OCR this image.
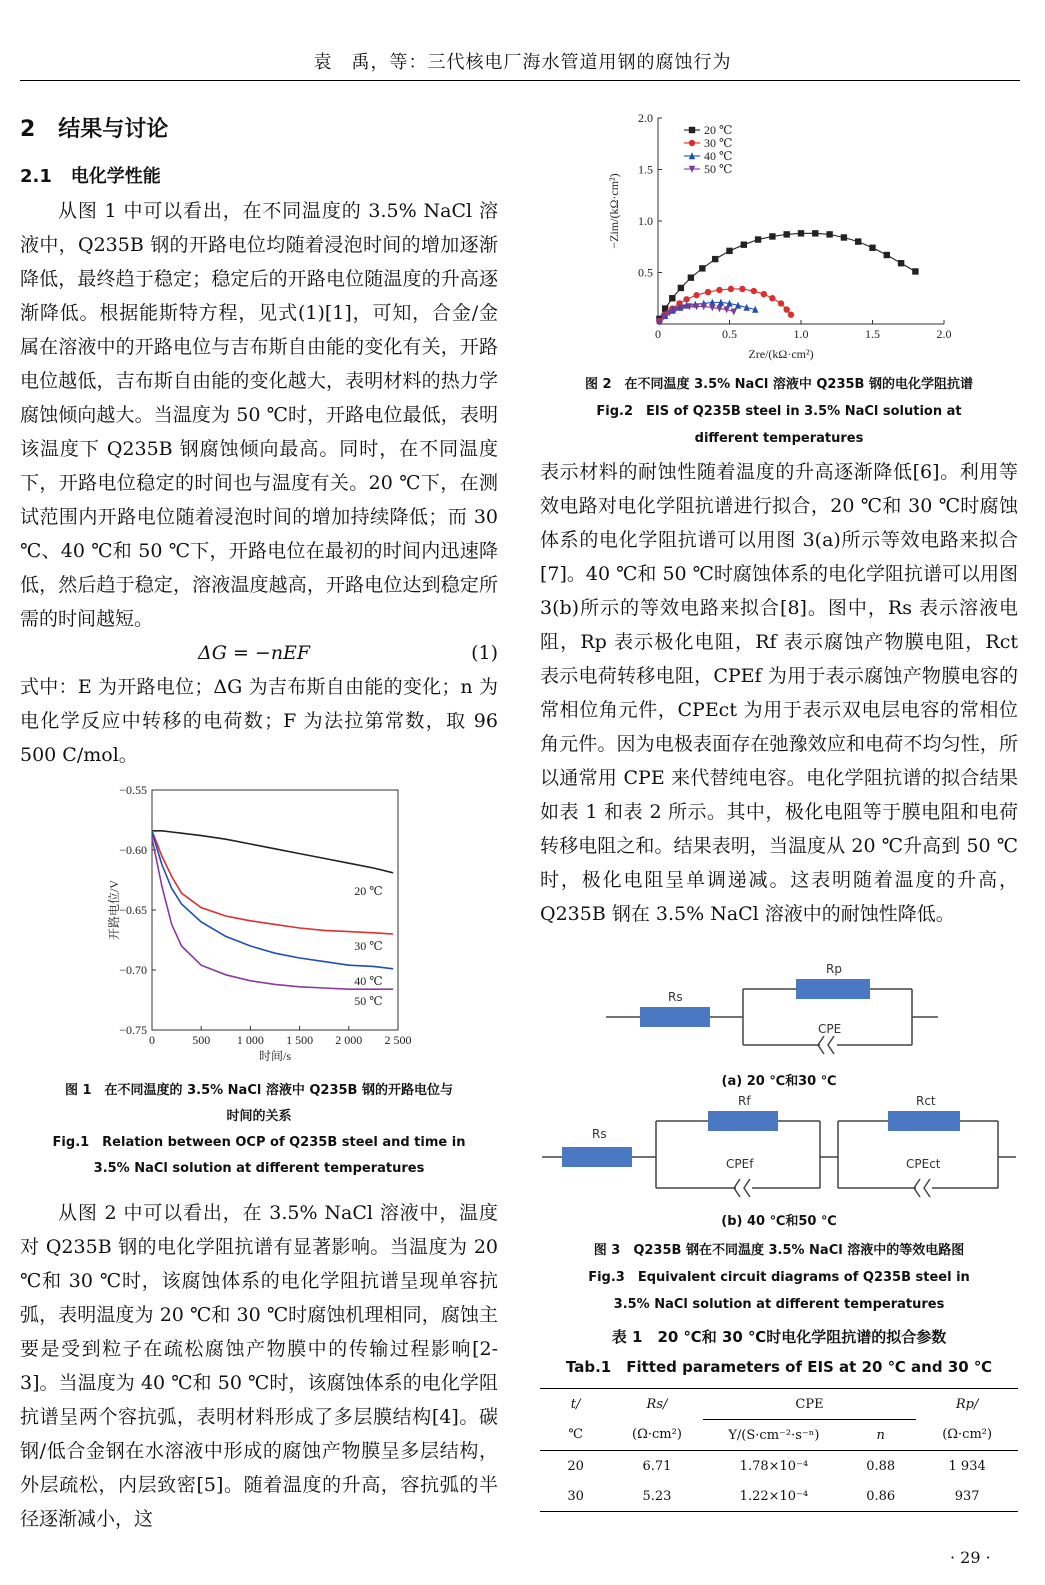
袁　禹，等：三代核电厂海水管道用钢的腐蚀行为
2 结果与讨论
2.1 电化学性能

从图 1 中可以看出，在不同温度的 3.5% NaCl 溶液中，Q235B 钢的开路电位均随着浸泡时间的增加逐渐降低，最终趋于稳定；稳定后的开路电位随温度的升高逐渐降低。根据能斯特方程，见式(1)[1]，可知，合金/金属在溶液中的开路电位与吉布斯自由能的变化有关，开路电位越低，吉布斯自由能的变化越大，表明材料的热力学腐蚀倾向越大。当温度为 50 ℃时，开路电位最低，表明该温度下 Q235B 钢腐蚀倾向最高。同时，在不同温度下，开路电位稳定的时间也与温度有关。20 ℃下，在测试范围内开路电位随着浸泡时间的增加持续降低；而 30 ℃、40 ℃和 50 ℃下，开路电位在最初的时间内迅速降低，然后趋于稳定，溶液温度越高，开路电位达到稳定所需的时间越短。

ΔG = −nEF	(1)

式中：E 为开路电位；ΔG 为吉布斯自由能的变化；n 为电化学反应中转移的电荷数；F 为法拉第常数，取 96 500 C/mol。

0	500 1 000 1 500 2 000 2 500
−0.55
−0.60
−0.65
−0.70
−0.75
时间/s
开路电位/V	20 ℃
30 ℃
40 ℃
50 ℃
图 1　在不同温度的 3.5% NaCl 溶液中 Q235B 钢的开路电位与
时间的关系
Fig.1　Relation between OCP of Q235B steel and time in
3.5% NaCl solution at different temperatures

从图 2 中可以看出，在 3.5% NaCl 溶液中，温度对 Q235B 钢的电化学阻抗谱有显著影响。当温度为 20 ℃和 30 ℃时，该腐蚀体系的电化学阻抗谱呈现单容抗弧，表明温度为 20 ℃和 30 ℃时腐蚀机理相同，腐蚀主要是受到粒子在疏松腐蚀产物膜中的传输过程影响[2-3]。当温度为 40 ℃和 50 ℃时，该腐蚀体系的电化学阻抗谱呈两个容抗弧，表明材料形成了多层膜结构[4]。碳钢/低合金钢在水溶液中形成的腐蚀产物膜呈多层结构，外层疏松，内层致密[5]。随着温度的升高，容抗弧的半径逐渐减小，这

0	0.5	1.0	1.5	2.0
0.5
1.0
1.5
2.0
Zre/(kΩ·cm²)
−Zim/(kΩ·cm²)
20 ℃
30 ℃
40 ℃
50 ℃
图 2　在不同温度 3.5% NaCl 溶液中 Q235B 钢的电化学阻抗谱
Fig.2　EIS of Q235B steel in 3.5% NaCl solution at
different temperatures

表示材料的耐蚀性随着温度的升高逐渐降低[6]。利用等效电路对电化学阻抗谱进行拟合，20 ℃和 30 ℃时腐蚀体系的电化学阻抗谱可以用图 3(a)所示等效电路来拟合[7]。40 ℃和 50 ℃时腐蚀体系的电化学阻抗谱可以用图 3(b)所示的等效电路来拟合[8]。图中，Rs 表示溶液电阻，Rp 表示极化电阻，Rf 表示腐蚀产物膜电阻，Rct 表示电荷转移电阻，CPEf 为用于表示腐蚀产物膜电容的常相位角元件，CPEct 为用于表示双电层电容的常相位角元件。因为电极表面存在弛豫效应和电荷不均匀性，所以通常用 CPE 来代替纯电容。电化学阻抗谱的拟合结果如表 1 和表 2 所示。其中，极化电阻等于膜电阻和电荷转移电阻之和。结果表明，当温度从 20 ℃升高到 50 ℃时，极化电阻呈单调递减。这表明随着温度的升高，Q235B 钢在 3.5% NaCl 溶液中的耐蚀性降低。

Rs
Rp
CPE
(a) 20 ℃和30 ℃
Rs
Rf	Rct
CPEf	CPEct
(b) 40 ℃和50 ℃
图 3　Q235B 钢在不同温度 3.5% NaCl 溶液中的等效电路图
Fig.3　Equivalent circuit diagrams of Q235B steel in
3.5% NaCl solution at different temperatures
表 1　20 ℃和 30 ℃时电化学阻抗谱的拟合参数
Tab.1　Fitted parameters of EIS at 20 ℃ and 30 ℃
t/	Rs/	CPE		Rp/
℃	(Ω·cm²)	Y/(S·cm⁻²·s⁻ⁿ)	n	(Ω·cm²)
20	6.71	1.78×10⁻⁴	0.88	1 934
30	5.23	1.22×10⁻⁴	0.86	937
· 29 ·
